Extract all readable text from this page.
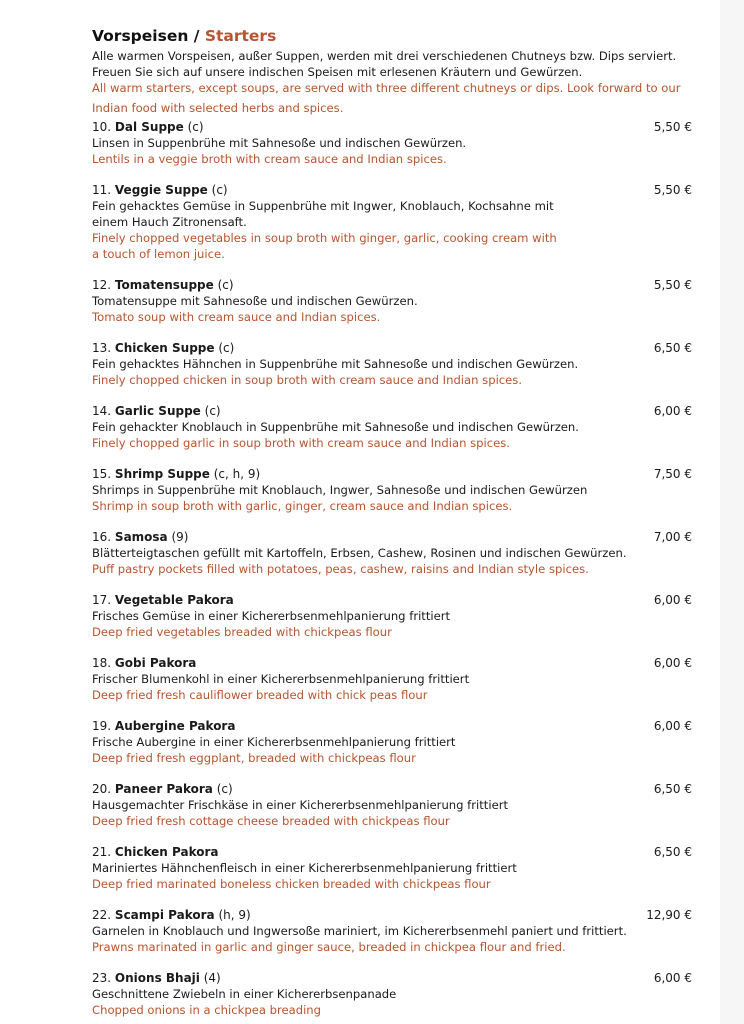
Vorspeisen / Starters
Alle warmen Vorspeisen, außer Suppen, werden mit drei verschiedenen Chutneys bzw. Dips serviert.
Freuen Sie sich auf unsere indischen Speisen mit erlesenen Kräutern und Gewürzen.
All warm starters, except soups, are served with three different chutneys or dips. Look forward to our
Indian food with selected herbs and spices.
10. Dal Suppe (c)	5,50 €
Linsen in Suppenbrühe mit Sahnesoße und indischen Gewürzen.
Lentils in a veggie broth with cream sauce and Indian spices.
11. Veggie Suppe (c)	5,50 €
Fein gehacktes Gemüse in Suppenbrühe mit Ingwer, Knoblauch, Kochsahne mit
einem Hauch Zitronensaft.
Finely chopped vegetables in soup broth with ginger, garlic, cooking cream with
a touch of lemon juice.
12. Tomatensuppe (c)	5,50 €
Tomatensuppe mit Sahnesoße und indischen Gewürzen.
Tomato soup with cream sauce and Indian spices.
13. Chicken Suppe (c)	6,50 €
Fein gehacktes Hähnchen in Suppenbrühe mit Sahnesoße und indischen Gewürzen.
Finely chopped chicken in soup broth with cream sauce and Indian spices.
14. Garlic Suppe (c)	6,00 €
Fein gehackter Knoblauch in Suppenbrühe mit Sahnesoße und indischen Gewürzen.
Finely chopped garlic in soup broth with cream sauce and Indian spices.
15. Shrimp Suppe (c, h, 9)	7,50 €
Shrimps in Suppenbrühe mit Knoblauch, Ingwer, Sahnesoße und indischen Gewürzen
Shrimp in soup broth with garlic, ginger, cream sauce and Indian spices.
16. Samosa (9)	7,00 €
Blätterteigtaschen gefüllt mit Kartoffeln, Erbsen, Cashew, Rosinen und indischen Gewürzen.
Puff pastry pockets filled with potatoes, peas, cashew, raisins and Indian style spices.
17. Vegetable Pakora	6,00 €
Frisches Gemüse in einer Kichererbsenmehlpanierung frittiert
Deep fried vegetables breaded with chickpeas flour
18. Gobi Pakora	6,00 €
Frischer Blumenkohl in einer Kichererbsenmehlpanierung frittiert
Deep fried fresh cauliflower breaded with chick peas flour
19. Aubergine Pakora	6,00 €
Frische Aubergine in einer Kichererbsenmehlpanierung frittiert
Deep fried fresh eggplant, breaded with chickpeas flour
20. Paneer Pakora (c)	6,50 €
Hausgemachter Frischkäse in einer Kichererbsenmehlpanierung frittiert
Deep fried fresh cottage cheese breaded with chickpeas flour
21. Chicken Pakora	6,50 €
Mariniertes Hähnchenfleisch in einer Kichererbsenmehlpanierung frittiert
Deep fried marinated boneless chicken breaded with chickpeas flour
22. Scampi Pakora (h, 9)	12,90 €
Garnelen in Knoblauch und Ingwersoße mariniert, im Kichererbsenmehl paniert und frittiert.
Prawns marinated in garlic and ginger sauce, breaded in chickpea flour and fried.
23. Onions Bhaji (4)	6,00 €
Geschnittene Zwiebeln in einer Kichererbsenpanade
Chopped onions in a chickpea breading
